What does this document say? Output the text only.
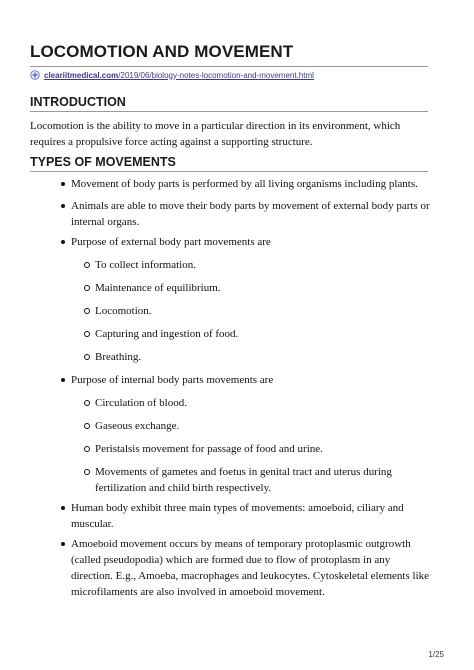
LOCOMOTION AND MOVEMENT
cleariitmedical.com/2019/06/biology-notes-locomotion-and-movement.html
INTRODUCTION

Locomotion is the ability to move in a particular direction in its environment, which requires a propulsive force acting against a supporting structure.

TYPES OF MOVEMENTS
Movement of body parts is performed by all living organisms including plants.
Animals are able to move their body parts by movement of external body parts or internal organs.
Purpose of external body part movements are
To collect information.
Maintenance of equilibrium.
Locomotion.
Capturing and ingestion of food.
Breathing.
Purpose of internal body parts movements are
Circulation of blood.
Gaseous exchange.
Peristalsis movement for passage of food and urine.
Movements of gametes and foetus in genital tract and uterus during fertilization and child birth respectively.
Human body exhibit three main types of movements: amoeboid, ciliary and muscular.
Amoeboid movement occurs by means of temporary protoplasmic outgrowth (called pseudopodia) which are formed due to flow of protoplasm in any direction. E.g., Amoeba, macrophages and leukocytes. Cytoskeletal elements like microfilaments are also involved in amoeboid movement.
1/25
